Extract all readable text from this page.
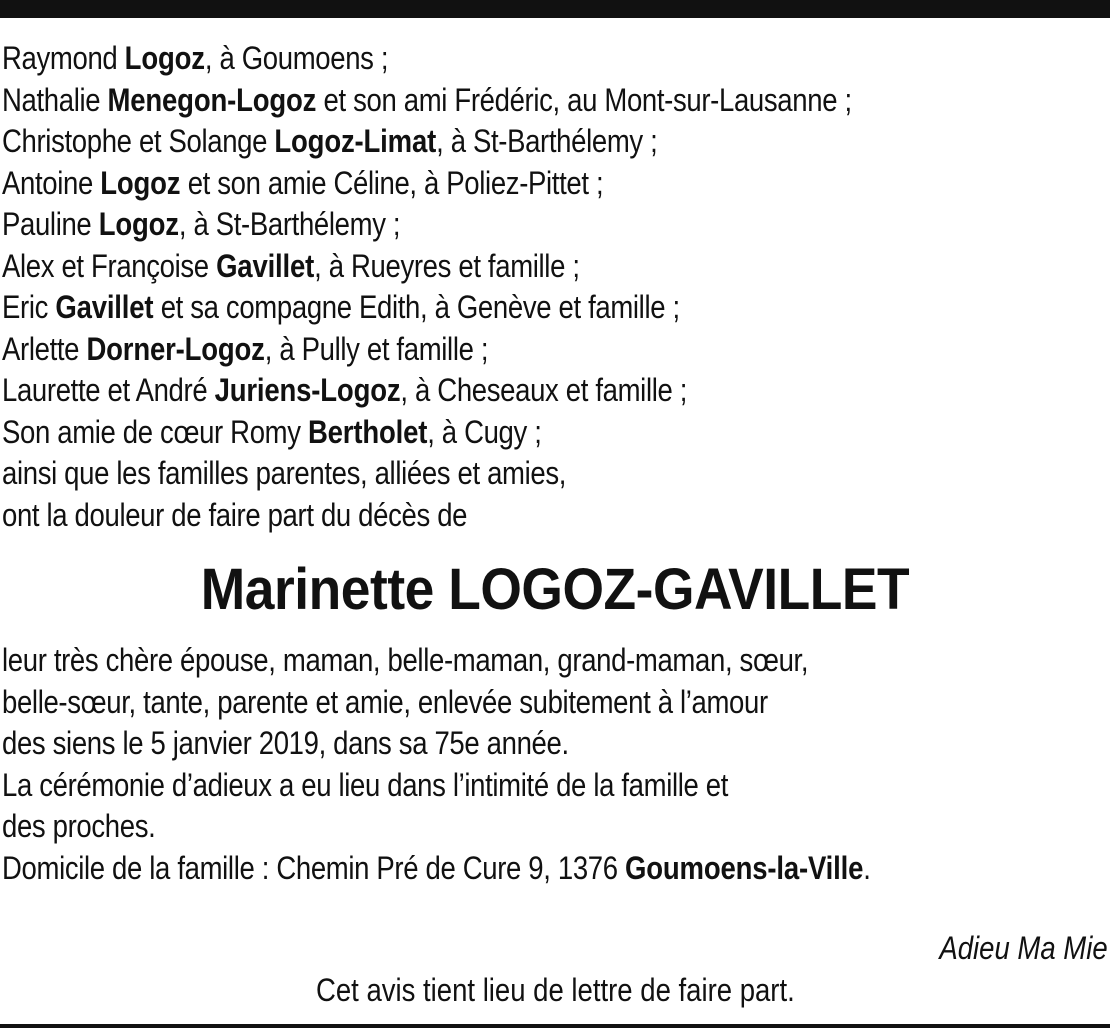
Raymond Logoz, à Goumoens ;
Nathalie Menegon-Logoz et son ami Frédéric, au Mont-sur-Lausanne ;
Christophe et Solange Logoz-Limat, à St-Barthélemy ;
Antoine Logoz et son amie Céline, à Poliez-Pittet ;
Pauline Logoz, à St-Barthélemy ;
Alex et Françoise Gavillet, à Rueyres et famille ;
Eric Gavillet et sa compagne Edith, à Genève et famille ;
Arlette Dorner-Logoz, à Pully et famille ;
Laurette et André Juriens-Logoz, à Cheseaux et famille ;
Son amie de cœur Romy Bertholet, à Cugy ;
ainsi que les familles parentes, alliées et amies,
ont la douleur de faire part du décès de
Marinette LOGOZ-GAVILLET
leur très chère épouse, maman, belle-maman, grand-maman, sœur,
belle-sœur, tante, parente et amie, enlevée subitement à l’amour
des siens le 5 janvier 2019, dans sa 75e année.
La cérémonie d’adieux a eu lieu dans l’intimité de la famille et
des proches.
Domicile de la famille : Chemin Pré de Cure 9, 1376 Goumoens-la-Ville.
Adieu Ma Mie
Cet avis tient lieu de lettre de faire part.
